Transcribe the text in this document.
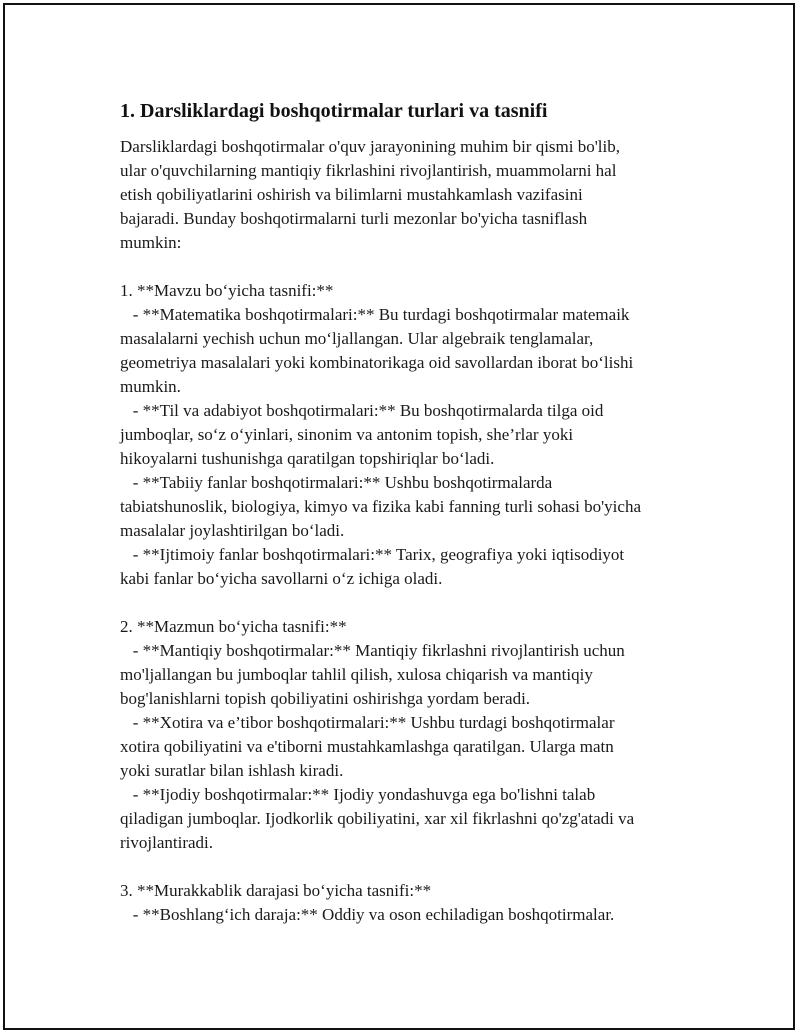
1. Darsliklardagi boshqotirmalar turlari va tasnifi
Darsliklardagi boshqotirmalar o'quv jarayonining muhim bir qismi bo'lib,
ular o'quvchilarning mantiqiy fikrlashini rivojlantirish, muammolarni hal
etish qobiliyatlarini oshirish va bilimlarni mustahkamlash vazifasini
bajaradi. Bunday boshqotirmalarni turli mezonlar bo'yicha tasniflash
mumkin:
1. **Mavzu bo‘yicha tasnifi:**
- **Matematika boshqotirmalari:** Bu turdagi boshqotirmalar matemaik
masalalarni yechish uchun mo‘ljallangan. Ular algebraik tenglamalar,
geometriya masalalari yoki kombinatorikaga oid savollardan iborat bo‘lishi
mumkin.
- **Til va adabiyot boshqotirmalari:** Bu boshqotirmalarda tilga oid
jumboqlar, so‘z o‘yinlari, sinonim va antonim topish, she’rlar yoki
hikoyalarni tushunishga qaratilgan topshiriqlar bo‘ladi.
- **Tabiiy fanlar boshqotirmalari:** Ushbu boshqotirmalarda
tabiatshunoslik, biologiya, kimyo va fizika kabi fanning turli sohasi bo'yicha
masalalar joylashtirilgan bo‘ladi.
- **Ijtimoiy fanlar boshqotirmalari:** Tarix, geografiya yoki iqtisodiyot
kabi fanlar bo‘yicha savollarni o‘z ichiga oladi.
2. **Mazmun bo‘yicha tasnifi:**
- **Mantiqiy boshqotirmalar:** Mantiqiy fikrlashni rivojlantirish uchun
mo'ljallangan bu jumboqlar tahlil qilish, xulosa chiqarish va mantiqiy
bog'lanishlarni topish qobiliyatini oshirishga yordam beradi.
- **Xotira va e’tibor boshqotirmalari:** Ushbu turdagi boshqotirmalar
xotira qobiliyatini va e'tiborni mustahkamlashga qaratilgan. Ularga matn
yoki suratlar bilan ishlash kiradi.
- **Ijodiy boshqotirmalar:** Ijodiy yondashuvga ega bo'lishni talab
qiladigan jumboqlar. Ijodkorlik qobiliyatini, xar xil fikrlashni qo'zg'atadi va
rivojlantiradi.
3. **Murakkablik darajasi bo‘yicha tasnifi:**
- **Boshlang‘ich daraja:** Oddiy va oson echiladigan boshqotirmalar.
